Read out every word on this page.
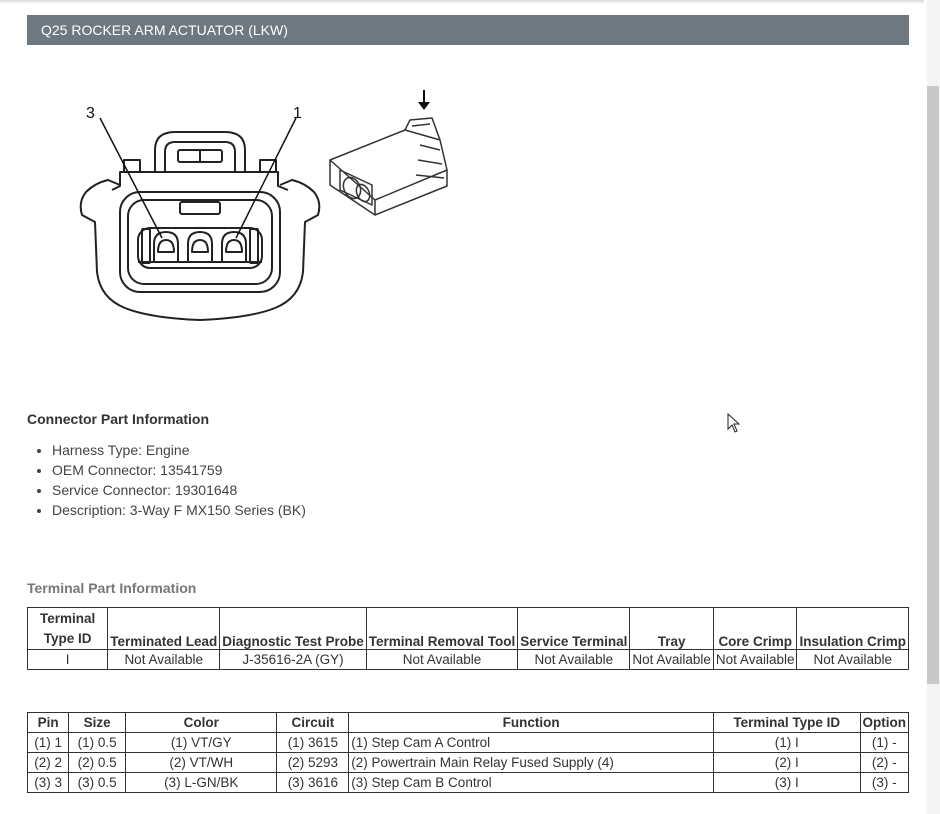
Q25 ROCKER ARM ACTUATOR (LKW)
3	1
Connector Part Information
• Harness Type: Engine
• OEM Connector: 13541759
• Service Connector: 19301648
• Description: 3-Way F MX150 Series (BK)
Terminal Part Information
Terminal Type ID	Terminated Lead	Diagnostic Test Probe	Terminal Removal Tool	Service Terminal	Tray	Core Crimp	Insulation Crimp
I	Not Available	J-35616-2A (GY)	Not Available	Not Available	Not Available	Not Available	Not Available
Pin	Size	Color	Circuit	Function	Terminal Type ID	Option
(1) 1	(1) 0.5	(1) VT/GY	(1) 3615	(1) Step Cam A Control	(1) I	(1) -
(2) 2	(2) 0.5	(2) VT/WH	(2) 5293	(2) Powertrain Main Relay Fused Supply (4)	(2) I	(2) -
(3) 3	(3) 0.5	(3) L-GN/BK	(3) 3616	(3) Step Cam B Control	(3) I	(3) -
